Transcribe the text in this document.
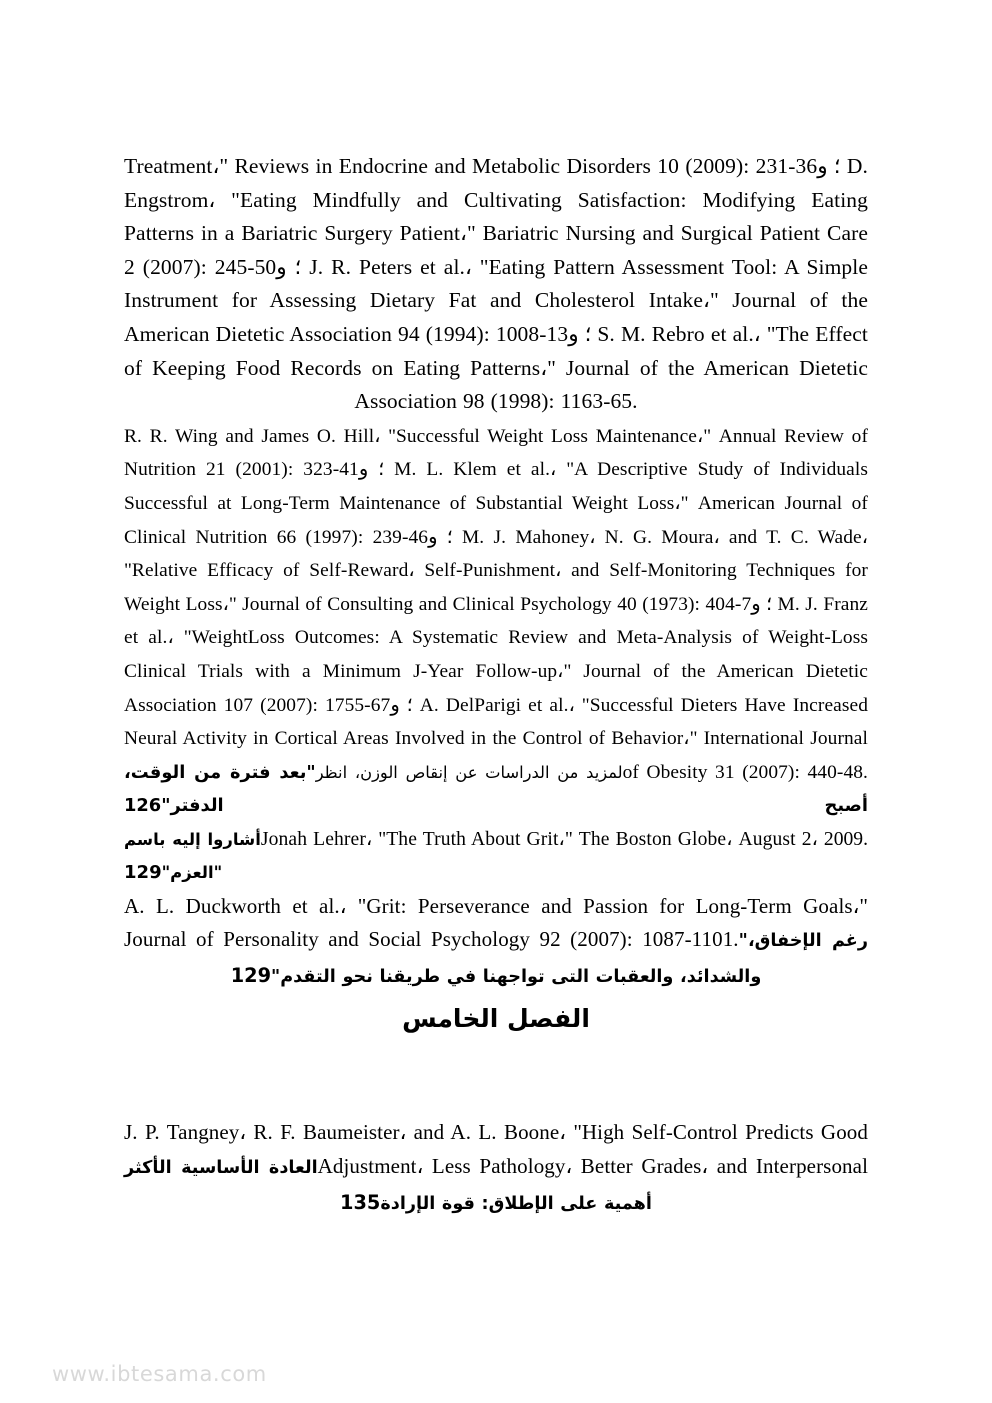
Treatment،" Reviews in Endocrine and Metabolic Disorders 10 (2009): 231-36؛ و D. Engstrom، "Eating Mindfully and Cultivating Satisfaction: Modifying Eating Patterns in a Bariatric Surgery Patient،" Bariatric Nursing and Surgical Patient Care 2 (2007): 245-50؛ و J. R. Peters et al.، "Eating Pattern Assessment Tool: A Simple Instrument for Assessing Dietary Fat and Cholesterol Intake،" Journal of the American Dietetic Association 94 (1994): 1008-13؛ و S. M. Rebro et al.، "The Effect of Keeping Food Records on Eating Patterns،" Journal of the American Dietetic Association 98 (1998): 1163-65.

R. R. Wing and James O. Hill، "Successful Weight Loss Maintenance،" Annual Review of Nutrition 21 (2001): 323-41؛ و M. L. Klem et al.، "A Descriptive Study of Individuals Successful at Long-Term Maintenance of Substantial Weight Loss،" American Journal of Clinical Nutrition 66 (1997): 239-46؛ و M. J. Mahoney، N. G. Moura، and T. C. Wade، "Relative Efficacy of Self-Reward، Self-Punishment، and Self-Monitoring Techniques for Weight Loss،" Journal of Consulting and Clinical Psychology 40 (1973): 404-7؛ و M. J. Franz et al.، "WeightLoss Outcomes: A Systematic Review and Meta-Analysis of Weight-Loss Clinical Trials with a Minimum J-Year Follow-up،" Journal of the American Dietetic Association 107 (2007): 1755-67؛ و A. DelParigi et al.، "Successful Dieters Have Increased Neural Activity in Cortical Areas Involved in the Control of Behavior،" International Journal of Obesity 31 (2007): 440-48.لمزيد من الدراسات عن إنقاص الوزن، انظر"بعد فترة من الوقت، أصبح الدفتر"126

Jonah Lehrer، "The Truth About Grit،" The Boston Globe، August 2، 2009.أشاروا إليه باسم "العزم"129

A. L. Duckworth et al.، "Grit: Perseverance and Passion for Long-Term Goals،" Journal of Personality and Social Psychology 92 (2007): 1087-1101."رغم الإخفاق، والشدائد، والعقبات التى تواجهنا في طريقنا نحو التقدم"129

الفصل الخامس

J. P. Tangney، R. F. Baumeister، and A. L. Boone، "High Self-Control Predicts Good Adjustment، Less Pathology، Better Grades، and Interpersonalالعادة الأساسية الأكثر أهمية على الإطلاق: قوة الإرادة135

www.ibtesama.com
